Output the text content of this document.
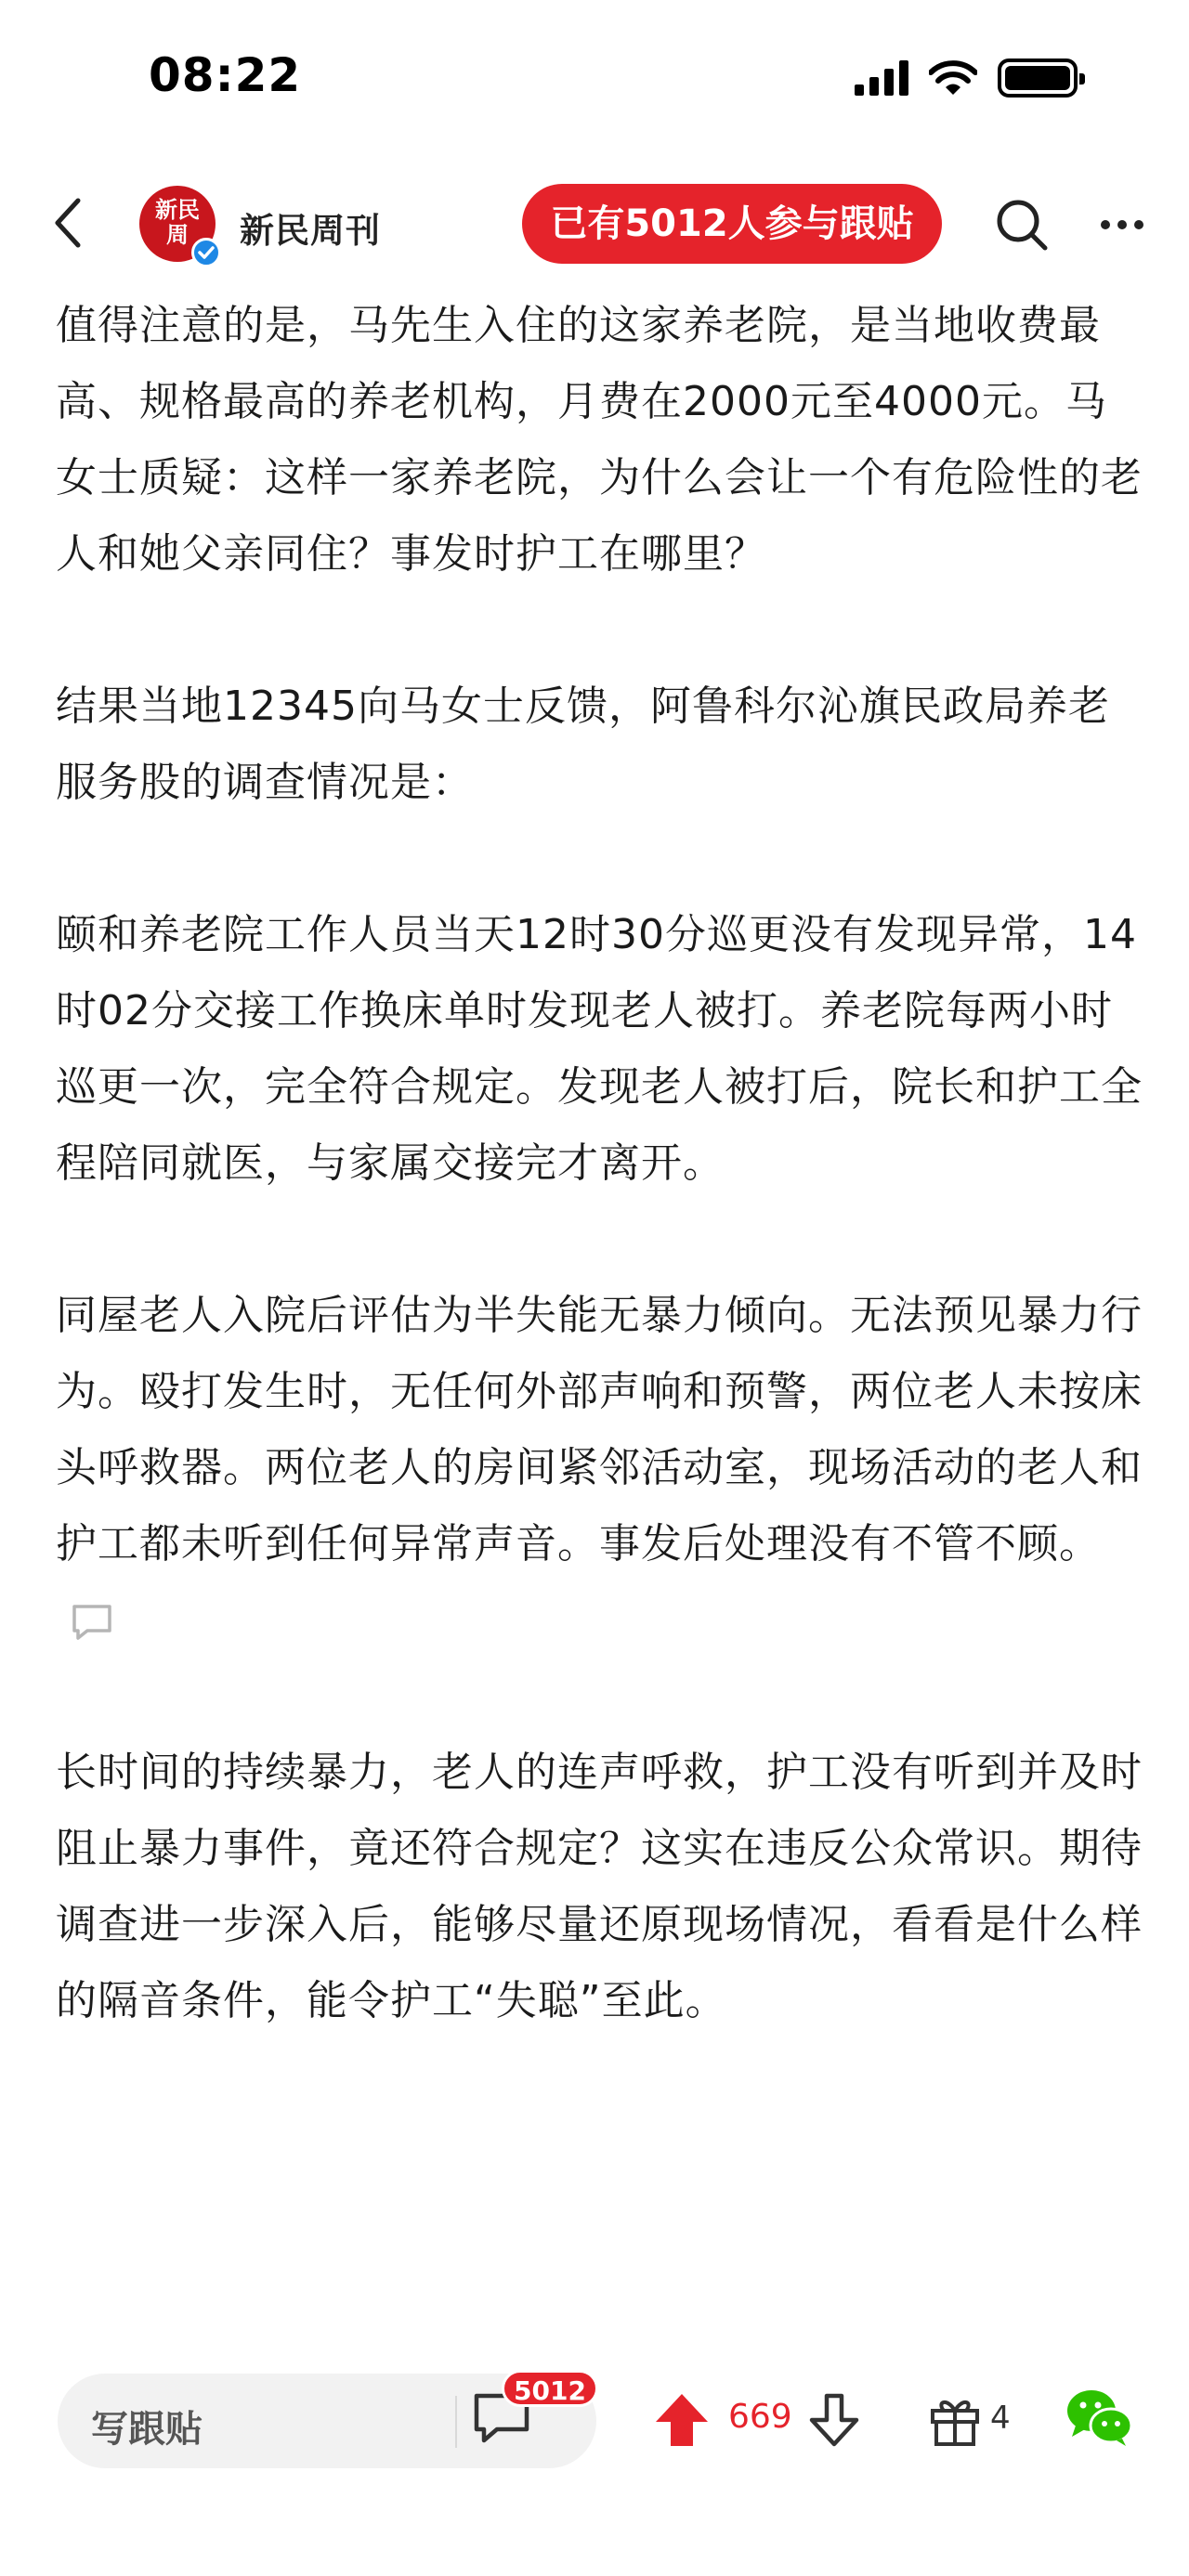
08:22
新民
周	新民周刊	已有5012人参与跟贴

值得注意的是，马先生入住的这家养老院，是当地收费最高、规格最高的养老机构，月费在2000元至4000元。马女士质疑：这样一家养老院，为什么会让一个有危险性的老人和她父亲同住？事发时护工在哪里？

结果当地12345向马女士反馈，阿鲁科尔沁旗民政局养老服务股的调查情况是：

颐和养老院工作人员当天12时30分巡更没有发现异常，14时02分交接工作换床单时发现老人被打。养老院每两小时巡更一次，完全符合规定。发现老人被打后，院长和护工全程陪同就医，与家属交接完才离开。

同屋老人入院后评估为半失能无暴力倾向。无法预见暴力行为。殴打发生时，无任何外部声响和预警，两位老人未按床头呼救器。两位老人的房间紧邻活动室，现场活动的老人和护工都未听到任何异常声音。事发后处理没有不管不顾。

长时间的持续暴力，老人的连声呼救，护工没有听到并及时阻止暴力事件，竟还符合规定？这实在违反公众常识。期待调查进一步深入后，能够尽量还原现场情况，看看是什么样的隔音条件，能令护工“失聪”至此。

写跟贴
5012
669	4
